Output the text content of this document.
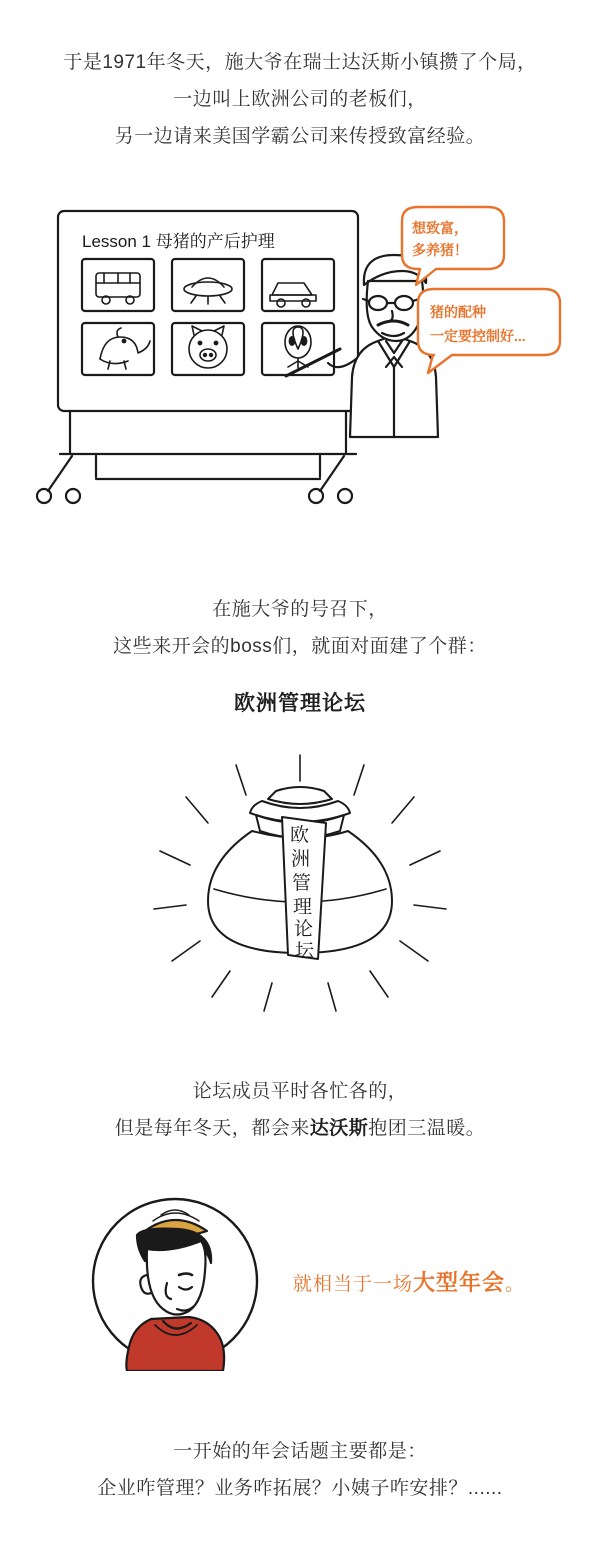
于是1971年冬天，施大爷在瑞士达沃斯小镇攒了个局，
一边叫上欧洲公司的老板们，
另一边请来美国学霸公司来传授致富经验。
Lesson 1 母猪的产后护理
想致富，
多养猪！
猪的配种
一定要控制好...
在施大爷的号召下，
这些来开会的boss们，就面对面建了个群：
欧洲管理论坛
欧
洲
管
理
论
坛
论坛成员平时各忙各的，
但是每年冬天，都会来达沃斯抱团三温暖。
就相当于一场大型年会。
一开始的年会话题主要都是：
企业咋管理？业务咋拓展？小姨子咋安排？......
